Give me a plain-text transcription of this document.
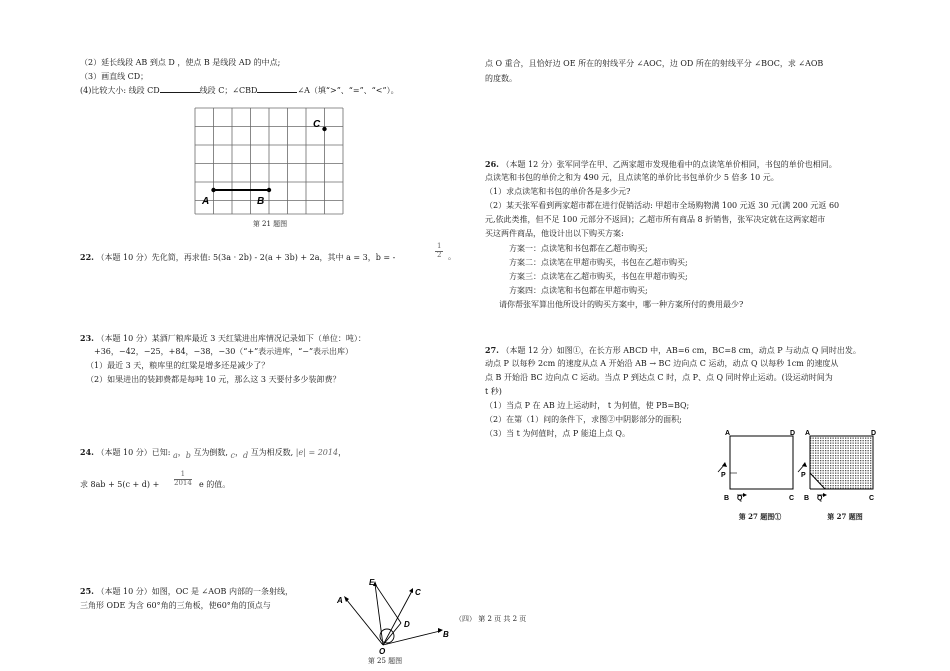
（2）延长线段 AB 到点 D ，使点 B 是线段 AD 的中点;
（3）画直线 CD；
(4)比较大小: 线段 CD	线段 C；∠CBD	∠A（填“>”、“=”、“<”）。
A	B
C
第 21 题图
22. （本题 10 分）先化简，再求值: 5(3a · 2b) - 2(a + 3b) + 2a，其中 a = 3，b = -	$\frac{1}{2}$ 。
23. （本题 10 分）某酒厂粮库最近 3 天红粱进出库情况记录如下（单位：吨）：
+36，−42，−25，+84，−38，−30（“+”表示进库，“−”表示出库）
（1）最近 3 天，粮库里的红粱是增多还是减少了？
（2）如果进出的装卸费都是每吨 10 元，那么这 3 天要付多少装卸费？
24. （本题 10 分）已知: a，b 互为倒数, c，d 互为相反数, |e| = 2014，
求 $8ab + 5(c + d) + \frac{1}{2014}$ e 的值。
25. （本题 10 分）如图，OC 是 ∠AOB 内部的一条射线，
三角形 ODE 为含 60°角的三角板，使60°角的顶点与
E
C
A
D
B
O
第 25 题图
点 O 重合，且恰好边 OE 所在的射线平分 ∠AOC，边 OD 所在的射线平分 ∠BOC，求 ∠AOB
的度数。
26. （本题 12 分）张军同学在甲、乙两家超市发现他看中的点读笔单价相同，书包的单价也相同。
点读笔和书包的单价之和为 490 元，且点读笔的单价比书包单价少 5 倍多 10 元。
（1）求点读笔和书包的单价各是多少元?
（2）某天张军看到两家超市都在进行促销活动: 甲超市全场购物满 100 元返 30 元(满 200 元返 60
元,依此类推，但不足 100 元部分不返回)；乙超市所有商品 8 折销售，张军决定就在这两家超市
买这两件商品，他设计出以下购买方案:
方案一：点读笔和书包都在乙超市购买;
方案二：点读笔在甲超市购买，书包在乙超市购买;
方案三：点读笔在乙超市购买，书包在甲超市购买;
方案四：点读笔和书包都在甲超市购买;
请你帮张军算出他所设计的购买方案中，哪一种方案所付的费用最少?
27. （本题 12 分）如图①，在长方形 ABCD 中，AB=6 cm，BC=8 cm，动点 P 与动点 Q 同时出发。
动点 P 以每秒 2cm 的速度从点 A 开始沿 AB → BC 边向点 C 运动，动点 Q 以每秒 1cm 的速度从
点 B 开始沿 BC 边向点 C 运动。当点 P 到达点 C 时，点 P、点 Q 同时停止运动。(设运动时间为
t 秒)
（1）当点 P 在 AB 边上运动时， t 为何值，使 PB=BQ;
（2）在第（1）问的条件下，求图②中阴影部分的面积;
（3）当 t 为何值时，点 P 能追上点 Q。	A	D
P
B Q	C
A	D
P
B Q	C
第 27 题图①	第 27 题图
（四） 第 2 页 共 2 页
